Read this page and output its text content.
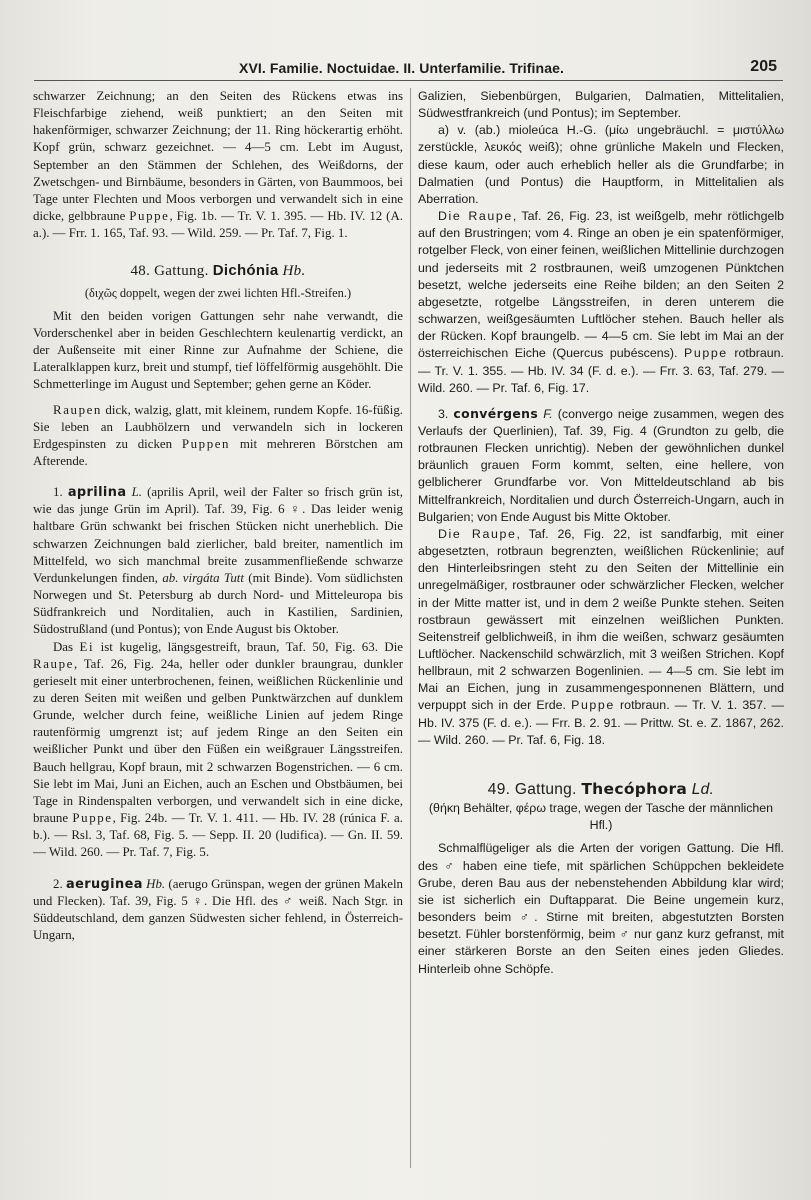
XVI. Familie. Noctuidae. II. Unterfamilie. Trifinae.	205

schwarzer Zeichnung; an den Seiten des Rückens etwas ins Fleischfarbige ziehend, weiß punktiert; an den Seiten mit hakenförmiger, schwarzer Zeichnung; der 11. Ring höckerartig erhöht. Kopf grün, schwarz gezeichnet. — 4—5 cm. Lebt im August, September an den Stämmen der Schlehen, des Weißdorns, der Zwetschgen- und Birnbäume, besonders in Gärten, von Baummoos, bei Tage unter Flechten und Moos verborgen und verwandelt sich in eine dicke, gelbbraune Puppe, Fig. 1b. — Tr. V. 1. 395. — Hb. IV. 12 (A. a.). — Frr. 1. 165, Taf. 93. — Wild. 259. — Pr. Taf. 7, Fig. 1.

48. Gattung. Dichónia Hb.
(διχῶς doppelt, wegen der zwei lichten Hfl.-Streifen.)

Mit den beiden vorigen Gattungen sehr nahe verwandt, die Vorderschenkel aber in beiden Geschlechtern keulenartig verdickt, an der Außenseite mit einer Rinne zur Aufnahme der Schiene, die Lateralklappen kurz, breit und stumpf, tief löffelförmig ausgehöhlt. Die Schmetterlinge im August und September; gehen gerne an Köder.

Raupen dick, walzig, glatt, mit kleinem, rundem Kopfe. 16-füßig. Sie leben an Laubhölzern und verwandeln sich in lockeren Erdgespinsten zu dicken Puppen mit mehreren Börstchen am Afterende.

1. aprilina L. (aprilis April, weil der Falter so frisch grün ist, wie das junge Grün im April). Taf. 39, Fig. 6 ♀. Das leider wenig haltbare Grün schwankt bei frischen Stücken nicht unerheblich. Die schwarzen Zeichnungen bald zierlicher, bald breiter, namentlich im Mittelfeld, wo sich manchmal breite zusammenfließende schwarze Verdunkelungen finden, ab. virgáta Tutt (mit Binde). Vom südlichsten Norwegen und St. Petersburg ab durch Nord- und Mitteleuropa bis Südfrankreich und Norditalien, auch in Kastilien, Sardinien, Südostrußland (und Pontus); von Ende August bis Oktober.

Das Ei ist kugelig, längsgestreift, braun, Taf. 50, Fig. 63. Die Raupe, Taf. 26, Fig. 24a, heller oder dunkler braungrau, dunkler gerieselt mit einer unterbrochenen, feinen, weißlichen Rückenlinie und zu deren Seiten mit weißen und gelben Punktwärzchen auf dunklem Grunde, welcher durch feine, weißliche Linien auf jedem Ringe rautenförmig umgrenzt ist; auf jedem Ringe an den Seiten ein weißlicher Punkt und über den Füßen ein weißgrauer Längsstreifen. Bauch hellgrau, Kopf braun, mit 2 schwarzen Bogenstrichen. — 6 cm. Sie lebt im Mai, Juni an Eichen, auch an Eschen und Obstbäumen, bei Tage in Rindenspalten verborgen, und verwandelt sich in eine dicke, braune Puppe, Fig. 24b. — Tr. V. 1. 411. — Hb. IV. 28 (rúnica F. a. b.). — Rsl. 3, Taf. 68, Fig. 5. — Sepp. II. 20 (ludifica). — Gn. II. 59. — Wild. 260. — Pr. Taf. 7, Fig. 5.

2. aeruginea Hb. (aerugo Grünspan, wegen der grünen Makeln und Flecken). Taf. 39, Fig. 5 ♀. Die Hfl. des ♂ weiß. Nach Stgr. in Süddeutschland, dem ganzen Südwesten sicher fehlend, in Österreich-Ungarn,

Galizien, Siebenbürgen, Bulgarien, Dalmatien, Mittelitalien, Südwestfrankreich (und Pontus); im September.

a) v. (ab.) mioleúca H.-G. (μίω ungebräuchl. = μιστύλλω zerstückle, λευκός weiß); ohne grünliche Makeln und Flecken, diese kaum, oder auch erheblich heller als die Grundfarbe; in Dalmatien (und Pontus) die Hauptform, in Mittelitalien als Aberration.

Die Raupe, Taf. 26, Fig. 23, ist weißgelb, mehr rötlichgelb auf den Brustringen; vom 4. Ringe an oben je ein spatenförmiger, rotgelber Fleck, von einer feinen, weißlichen Mittellinie durchzogen und jederseits mit 2 rostbraunen, weiß umzogenen Pünktchen besetzt, welche jederseits eine Reihe bilden; an den Seiten 2 abgesetzte, rotgelbe Längsstreifen, in deren unterem die schwarzen, weißgesäumten Luftlöcher stehen. Bauch heller als der Rücken. Kopf braungelb. — 4—5 cm. Sie lebt im Mai an der österreichischen Eiche (Quercus pubéscens). Puppe rotbraun. — Tr. V. 1. 355. — Hb. IV. 34 (F. d. e.). — Frr. 3. 63, Taf. 279. — Wild. 260. — Pr. Taf. 6, Fig. 17.

3. convérgens F. (convergo neige zusammen, wegen des Verlaufs der Querlinien), Taf. 39, Fig. 4 (Grundton zu gelb, die rotbraunen Flecken unrichtig). Neben der gewöhnlichen dunkel bräunlich grauen Form kommt, selten, eine hellere, von gelblicherer Grundfarbe vor. Von Mitteldeutschland ab bis Mittelfrankreich, Norditalien und durch Österreich-Ungarn, auch in Bulgarien; von Ende August bis Mitte Oktober.

Die Raupe, Taf. 26, Fig. 22, ist sandfarbig, mit einer abgesetzten, rotbraun begrenzten, weißlichen Rückenlinie; auf den Hinterleibsringen steht zu den Seiten der Mittellinie ein unregelmäßiger, rostbrauner oder schwärzlicher Flecken, welcher in der Mitte matter ist, und in dem 2 weiße Punkte stehen. Seiten rostbraun gewässert mit einzelnen weißlichen Punkten. Seitenstreif gelblichweiß, in ihm die weißen, schwarz gesäumten Luftlöcher. Nackenschild schwärzlich, mit 3 weißen Strichen. Kopf hellbraun, mit 2 schwarzen Bogenlinien. — 4—5 cm. Sie lebt im Mai an Eichen, jung in zusammengesponnenen Blättern, und verpuppt sich in der Erde. Puppe rotbraun. — Tr. V. 1. 357. — Hb. IV. 375 (F. d. e.). — Frr. B. 2. 91. — Prittw. St. e. Z. 1867, 262. — Wild. 260. — Pr. Taf. 6, Fig. 18.

49. Gattung. Thecóphora Ld.
(θήκη Behälter, φέρω trage, wegen der Tasche der männlichen Hfl.)

Schmalflügeliger als die Arten der vorigen Gattung. Die Hfl. des ♂ haben eine tiefe, mit spärlichen Schüppchen bekleidete Grube, deren Bau aus der nebenstehenden Abbildung klar wird; sie ist sicherlich ein Duftapparat. Die Beine ungemein kurz, besonders beim ♂. Stirne mit breiten, abgestutzten Borsten besetzt. Fühler borstenförmig, beim ♂ nur ganz kurz gefranst, mit einer stärkeren Borste an den Seiten eines jeden Gliedes. Hinterleib ohne Schöpfe.
